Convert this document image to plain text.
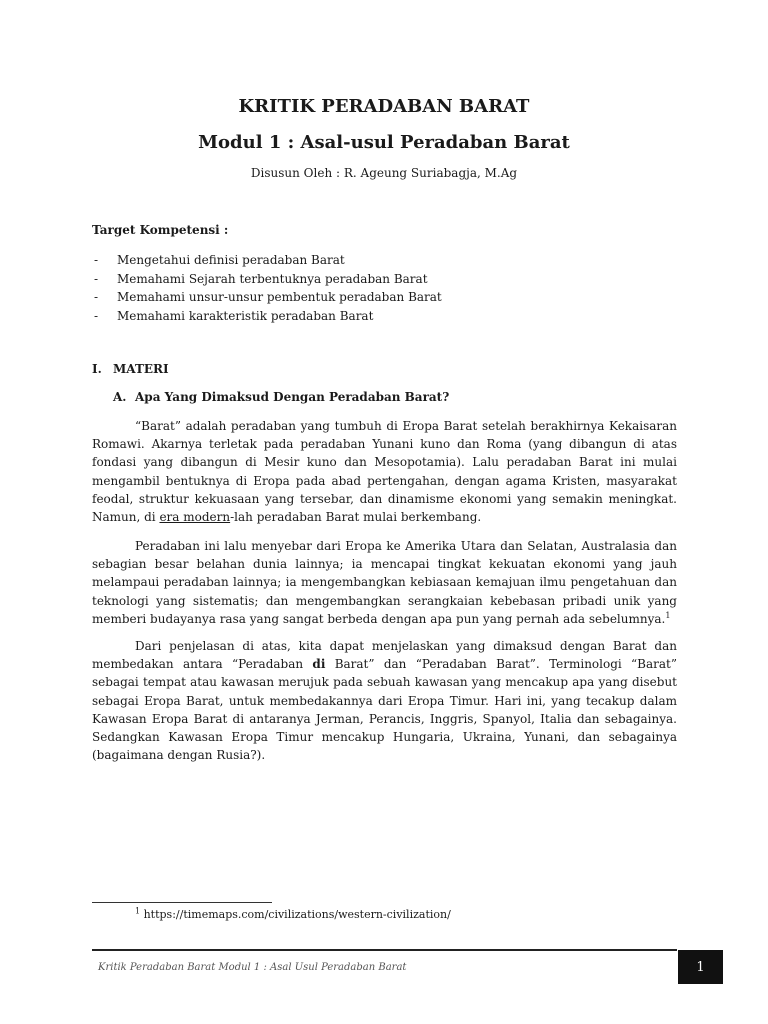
KRITIK PERADABAN BARAT
Modul 1 : Asal-usul Peradaban Barat
Disusun Oleh : R. Ageung Suriabagja, M.Ag
Target Kompetensi :
- Mengetahui definisi peradaban Barat
- Memahami Sejarah terbentuknya peradaban Barat
- Memahami unsur-unsur pembentuk peradaban Barat
- Memahami karakteristik peradaban Barat
I. MATERI
A. Apa Yang Dimaksud Dengan Peradaban Barat?

“Barat” adalah peradaban yang tumbuh di Eropa Barat setelah berakhirnya Kekaisaran Romawi. Akarnya terletak pada peradaban Yunani kuno dan Roma (yang dibangun di atas fondasi yang dibangun di Mesir kuno dan Mesopotamia). Lalu peradaban Barat ini mulai mengambil bentuknya di Eropa pada abad pertengahan, dengan agama Kristen, masyarakat feodal, struktur kekuasaan yang tersebar, dan dinamisme ekonomi yang semakin meningkat. Namun, di era modern-lah peradaban Barat mulai berkembang.

Peradaban ini lalu menyebar dari Eropa ke Amerika Utara dan Selatan, Australasia dan sebagian besar belahan dunia lainnya; ia mencapai tingkat kekuatan ekonomi yang jauh melampaui peradaban lainnya; ia mengembangkan kebiasaan kemajuan ilmu pengetahuan dan teknologi yang sistematis; dan mengembangkan serangkaian kebebasan pribadi unik yang memberi budayanya rasa yang sangat berbeda dengan apa pun yang pernah ada sebelumnya.$^1$

Dari penjelasan di atas, kita dapat menjelaskan yang dimaksud dengan Barat dan membedakan antara “Peradaban di Barat” dan “Peradaban Barat”. Terminologi “Barat” sebagai tempat atau kawasan merujuk pada sebuah kawasan yang mencakup apa yang disebut sebagai Eropa Barat, untuk membedakannya dari Eropa Timur. Hari ini, yang tecakup dalam Kawasan Eropa Barat di antaranya Jerman, Perancis, Inggris, Spanyol, Italia dan sebagainya. Sedangkan Kawasan Eropa Timur mencakup Hungaria, Ukraina, Yunani, dan sebagainya (bagaimana dengan Rusia?).

$^1$ https://timemaps.com/civilizations/western-civilization/
Kritik Peradaban Barat Modul 1 : Asal Usul Peradaban Barat	1
